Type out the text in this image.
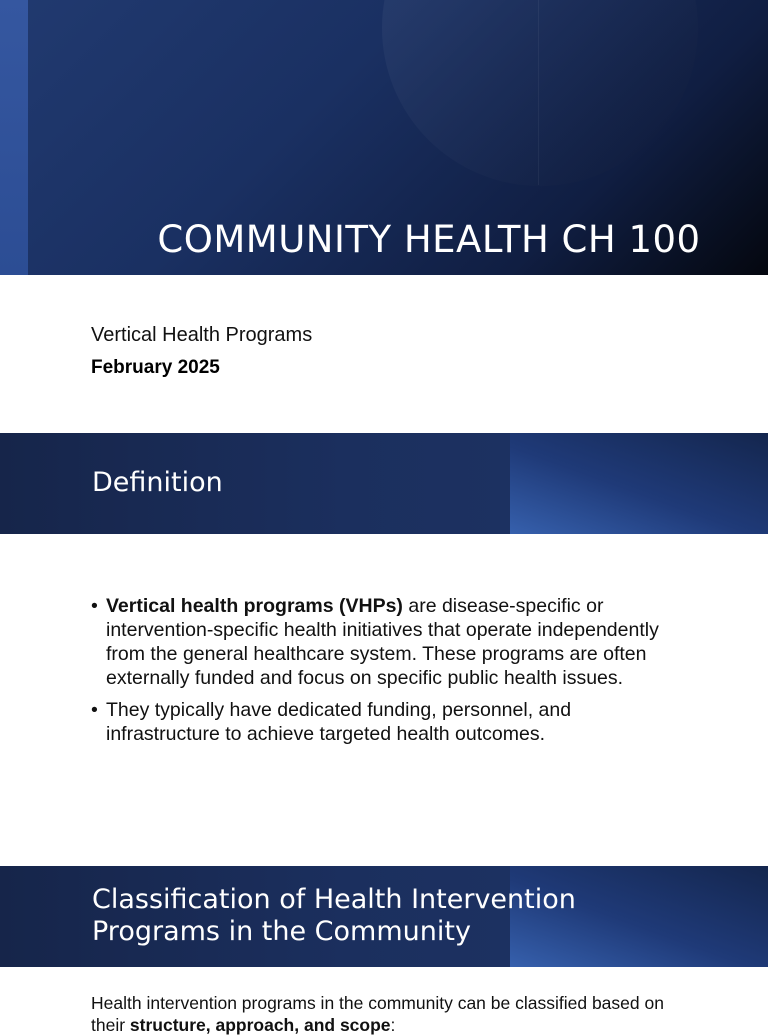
COMMUNITY HEALTH CH 100
Vertical Health Programs
February 2025
Definition
• Vertical health programs (VHPs) are disease-specific or intervention-specific health initiatives that operate independently from the general healthcare system. These programs are often externally funded and focus on specific public health issues.
• They typically have dedicated funding, personnel, and infrastructure to achieve targeted health outcomes.
Classification of Health Intervention Programs in the Community
Health intervention programs in the community can be classified based on their structure, approach, and scope:
